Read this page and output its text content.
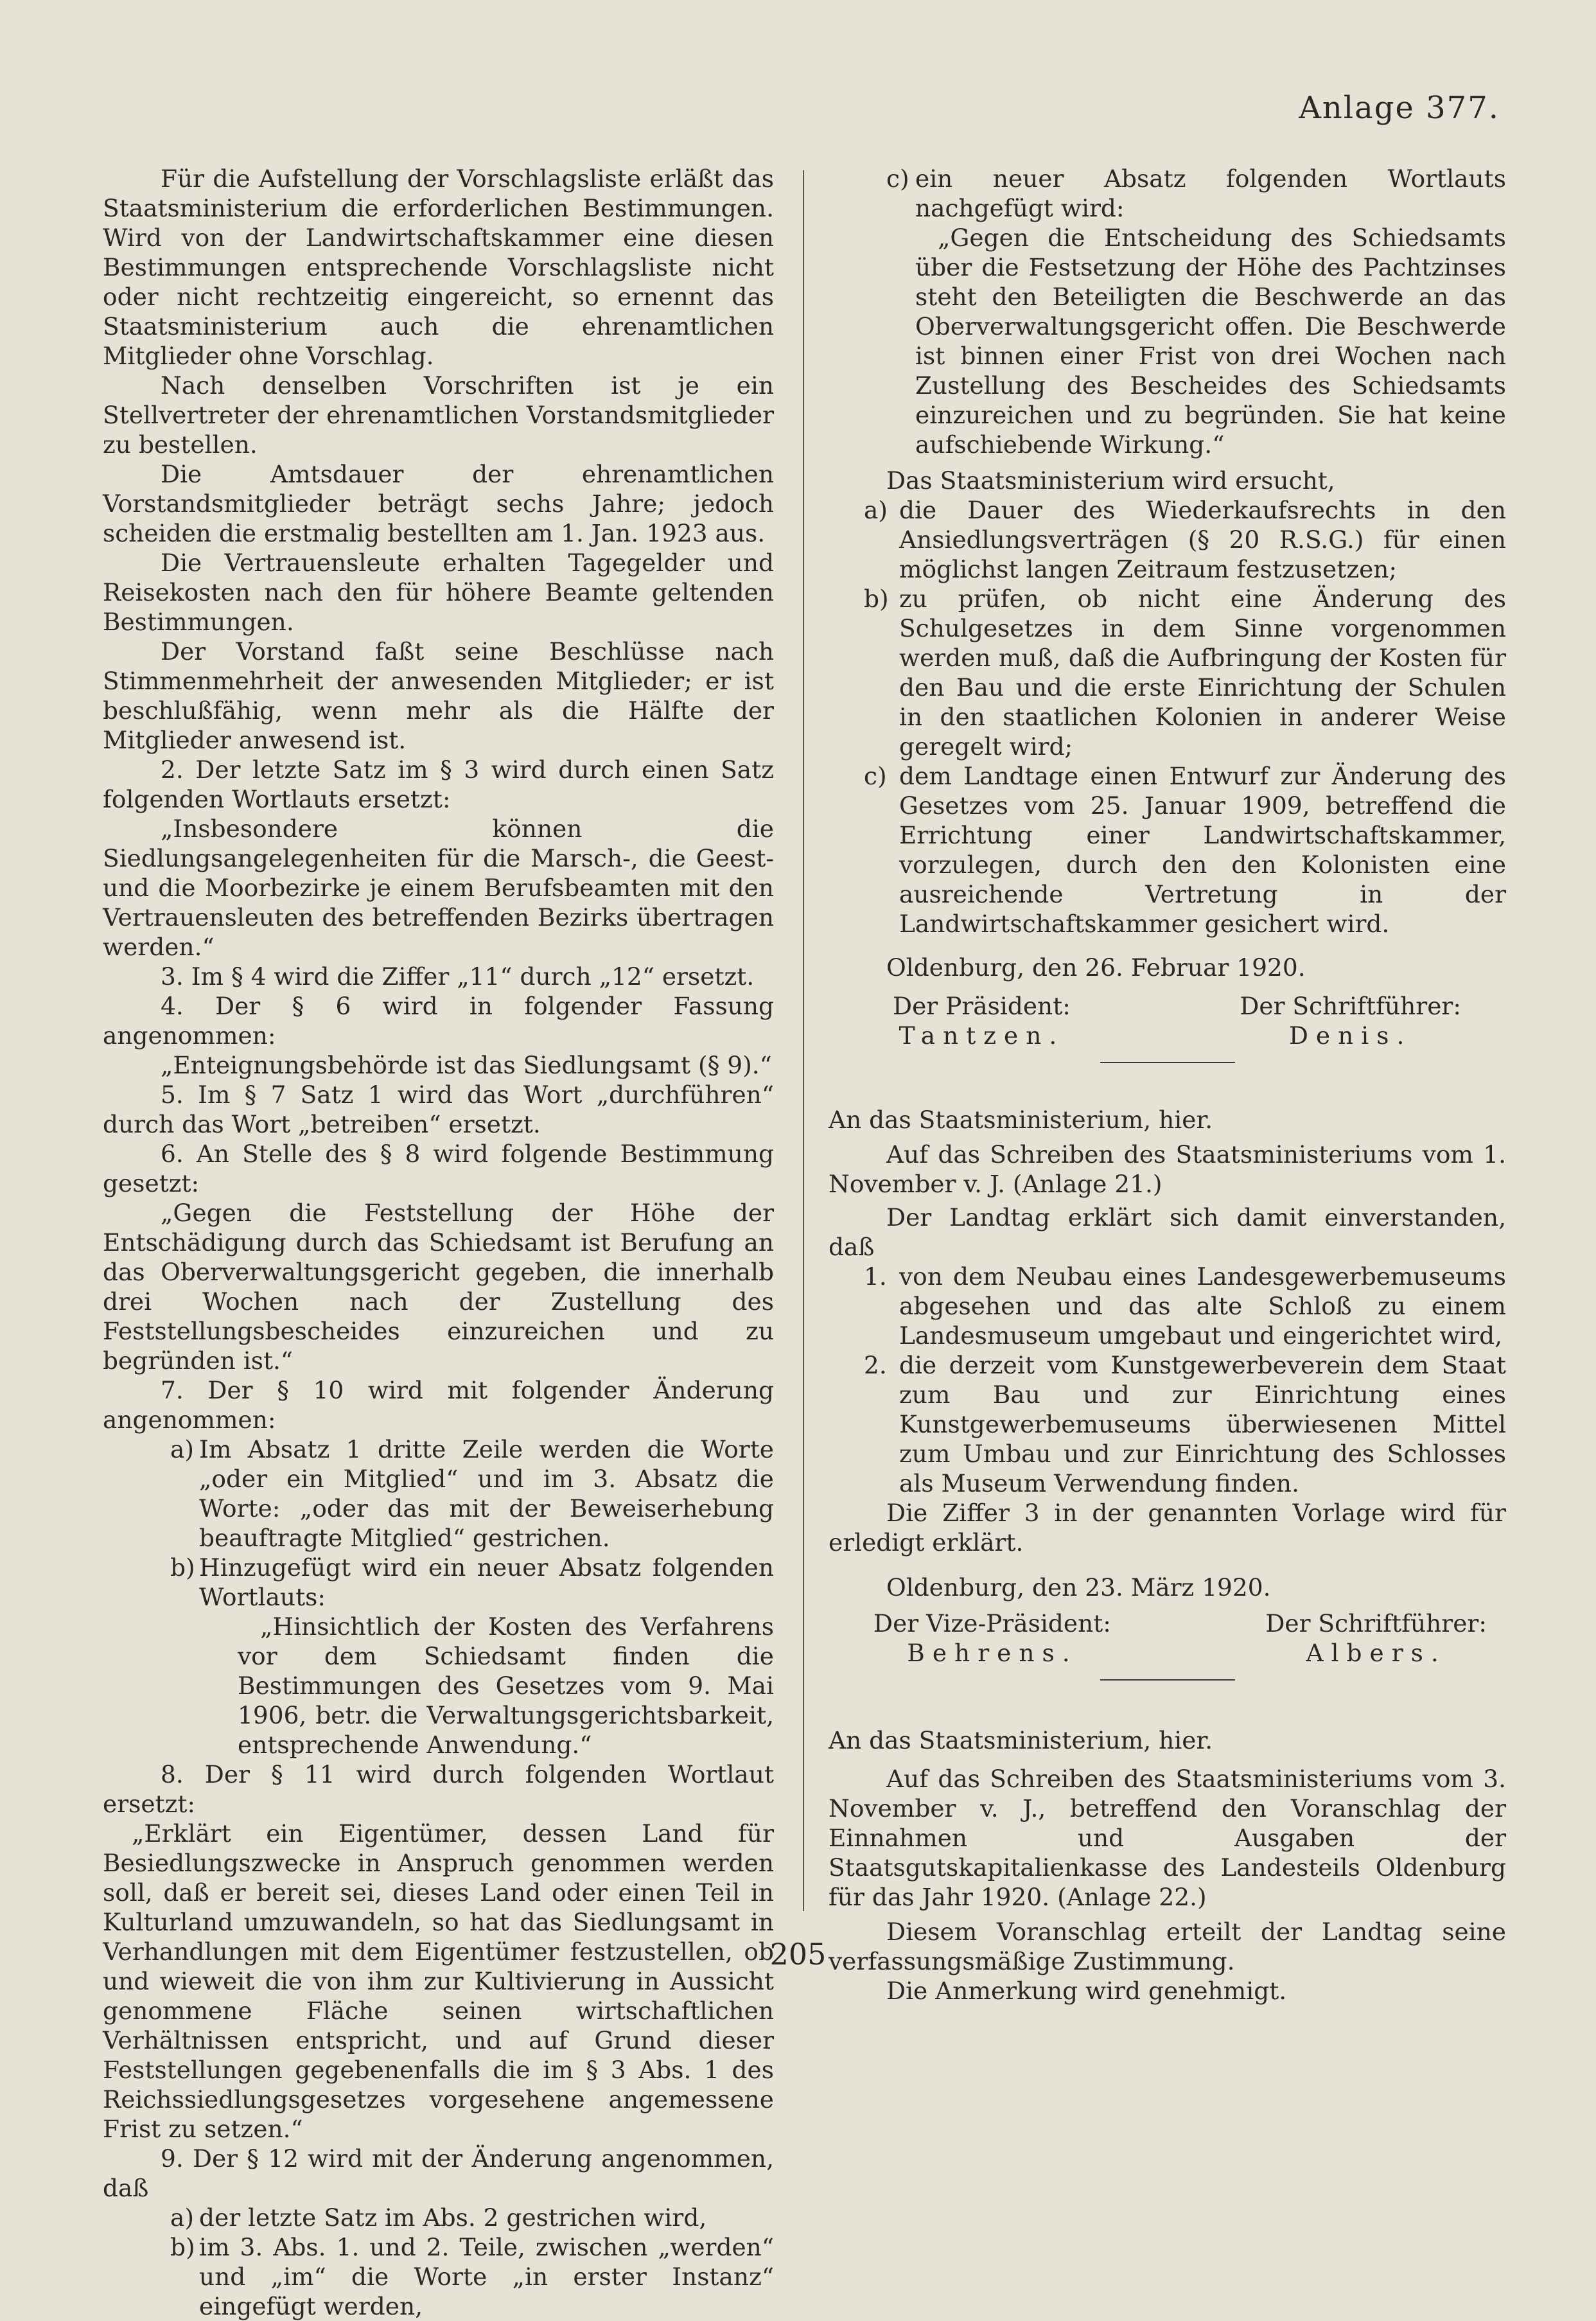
Anlage 377.

Für die Aufstellung der Vorschlagsliste erläßt das Staatsministerium die erforderlichen Bestimmungen. Wird von der Landwirtschaftskammer eine diesen Bestimmungen entsprechende Vorschlagsliste nicht oder nicht rechtzeitig eingereicht, so ernennt das Staatsministerium auch die ehrenamtlichen Mitglieder ohne Vorschlag.

Nach denselben Vorschriften ist je ein Stellvertreter der ehrenamtlichen Vorstandsmitglieder zu bestellen.

Die Amtsdauer der ehrenamtlichen Vorstandsmitglieder beträgt sechs Jahre; jedoch scheiden die erstmalig bestellten am 1. Jan. 1923 aus.

Die Vertrauensleute erhalten Tagegelder und Reisekosten nach den für höhere Beamte geltenden Bestimmungen.

Der Vorstand faßt seine Beschlüsse nach Stimmenmehrheit der anwesenden Mitglieder; er ist beschlußfähig, wenn mehr als die Hälfte der Mitglieder anwesend ist.

2. Der letzte Satz im § 3 wird durch einen Satz folgenden Wortlauts ersetzt:

„Insbesondere können die Siedlungsangelegenheiten für die Marsch-, die Geest- und die Moorbezirke je einem Berufsbeamten mit den Vertrauensleuten des betreffenden Bezirks übertragen werden.“

3. Im § 4 wird die Ziffer „11“ durch „12“ ersetzt.

4. Der § 6 wird in folgender Fassung angenommen:

„Enteignungsbehörde ist das Siedlungsamt (§ 9).“

5. Im § 7 Satz 1 wird das Wort „durchführen“ durch das Wort „betreiben“ ersetzt.

6. An Stelle des § 8 wird folgende Bestimmung gesetzt:

„Gegen die Feststellung der Höhe der Entschädigung durch das Schiedsamt ist Berufung an das Oberverwaltungsgericht gegeben, die innerhalb drei Wochen nach der Zustellung des Feststellungsbescheides einzureichen und zu begründen ist.“

7. Der § 10 wird mit folgender Änderung angenommen:

a) Im Absatz 1 dritte Zeile werden die Worte „oder ein Mitglied“ und im 3. Absatz die Worte: „oder das mit der Beweiserhebung beauftragte Mitglied“ gestrichen.
b) Hinzugefügt wird ein neuer Absatz folgenden Wortlauts:

„Hinsichtlich der Kosten des Verfahrens vor dem Schiedsamt finden die Bestimmungen des Gesetzes vom 9. Mai 1906, betr. die Verwaltungsgerichtsbarkeit, entsprechende Anwendung.“

8. Der § 11 wird durch folgenden Wortlaut ersetzt:

„Erklärt ein Eigentümer, dessen Land für Besiedlungszwecke in Anspruch genommen werden soll, daß er bereit sei, dieses Land oder einen Teil in Kulturland umzuwandeln, so hat das Siedlungsamt in Verhandlungen mit dem Eigentümer festzustellen, ob und wieweit die von ihm zur Kultivierung in Aussicht genommene Fläche seinen wirtschaftlichen Verhältnissen entspricht, und auf Grund dieser Feststellungen gegebenenfalls die im § 3 Abs. 1 des Reichssiedlungsgesetzes vorgesehene angemessene Frist zu setzen.“

9. Der § 12 wird mit der Änderung angenommen, daß

a) der letzte Satz im Abs. 2 gestrichen wird,
b) im 3. Abs. 1. und 2. Teile, zwischen „werden“ und „im“ die Worte „in erster Instanz“ eingefügt werden,
c) ein neuer Absatz folgenden Wortlauts nachgefügt wird:

„Gegen die Entscheidung des Schiedsamts über die Festsetzung der Höhe des Pachtzinses steht den Beteiligten die Beschwerde an das Oberverwaltungsgericht offen. Die Beschwerde ist binnen einer Frist von drei Wochen nach Zustellung des Bescheides des Schiedsamts einzureichen und zu begründen. Sie hat keine aufschiebende Wirkung.“

Das Staatsministerium wird ersucht,

a) die Dauer des Wiederkaufsrechts in den Ansiedlungsverträgen (§ 20 R.S.G.) für einen möglichst langen Zeitraum festzusetzen;
b) zu prüfen, ob nicht eine Änderung des Schulgesetzes in dem Sinne vorgenommen werden muß, daß die Aufbringung der Kosten für den Bau und die erste Einrichtung der Schulen in den staatlichen Kolonien in anderer Weise geregelt wird;
c) dem Landtage einen Entwurf zur Änderung des Gesetzes vom 25. Januar 1909, betreffend die Errichtung einer Landwirtschaftskammer, vorzulegen, durch den den Kolonisten eine ausreichende Vertretung in der Landwirtschaftskammer gesichert wird.

Oldenburg, den 26. Februar 1920.

Der Präsident:
Tantzen.
Der Schriftführer:
Denis.

An das Staatsministerium, hier.

Auf das Schreiben des Staatsministeriums vom 1. November v. J. (Anlage 21.)

Der Landtag erklärt sich damit einverstanden, daß

1. von dem Neubau eines Landesgewerbemuseums abgesehen und das alte Schloß zu einem Landesmuseum umgebaut und eingerichtet wird,
2. die derzeit vom Kunstgewerbeverein dem Staat zum Bau und zur Einrichtung eines Kunstgewerbemuseums überwiesenen Mittel zum Umbau und zur Einrichtung des Schlosses als Museum Verwendung finden.

Die Ziffer 3 in der genannten Vorlage wird für erledigt erklärt.

Oldenburg, den 23. März 1920.

Der Vize-Präsident:
Behrens.
Der Schriftführer:
Albers.

An das Staatsministerium, hier.

Auf das Schreiben des Staatsministeriums vom 3. November v. J., betreffend den Voranschlag der Einnahmen und Ausgaben der Staatsgutskapitalienkasse des Landesteils Oldenburg für das Jahr 1920. (Anlage 22.)

Diesem Voranschlag erteilt der Landtag seine verfassungsmäßige Zustimmung.

Die Anmerkung wird genehmigt.

205
